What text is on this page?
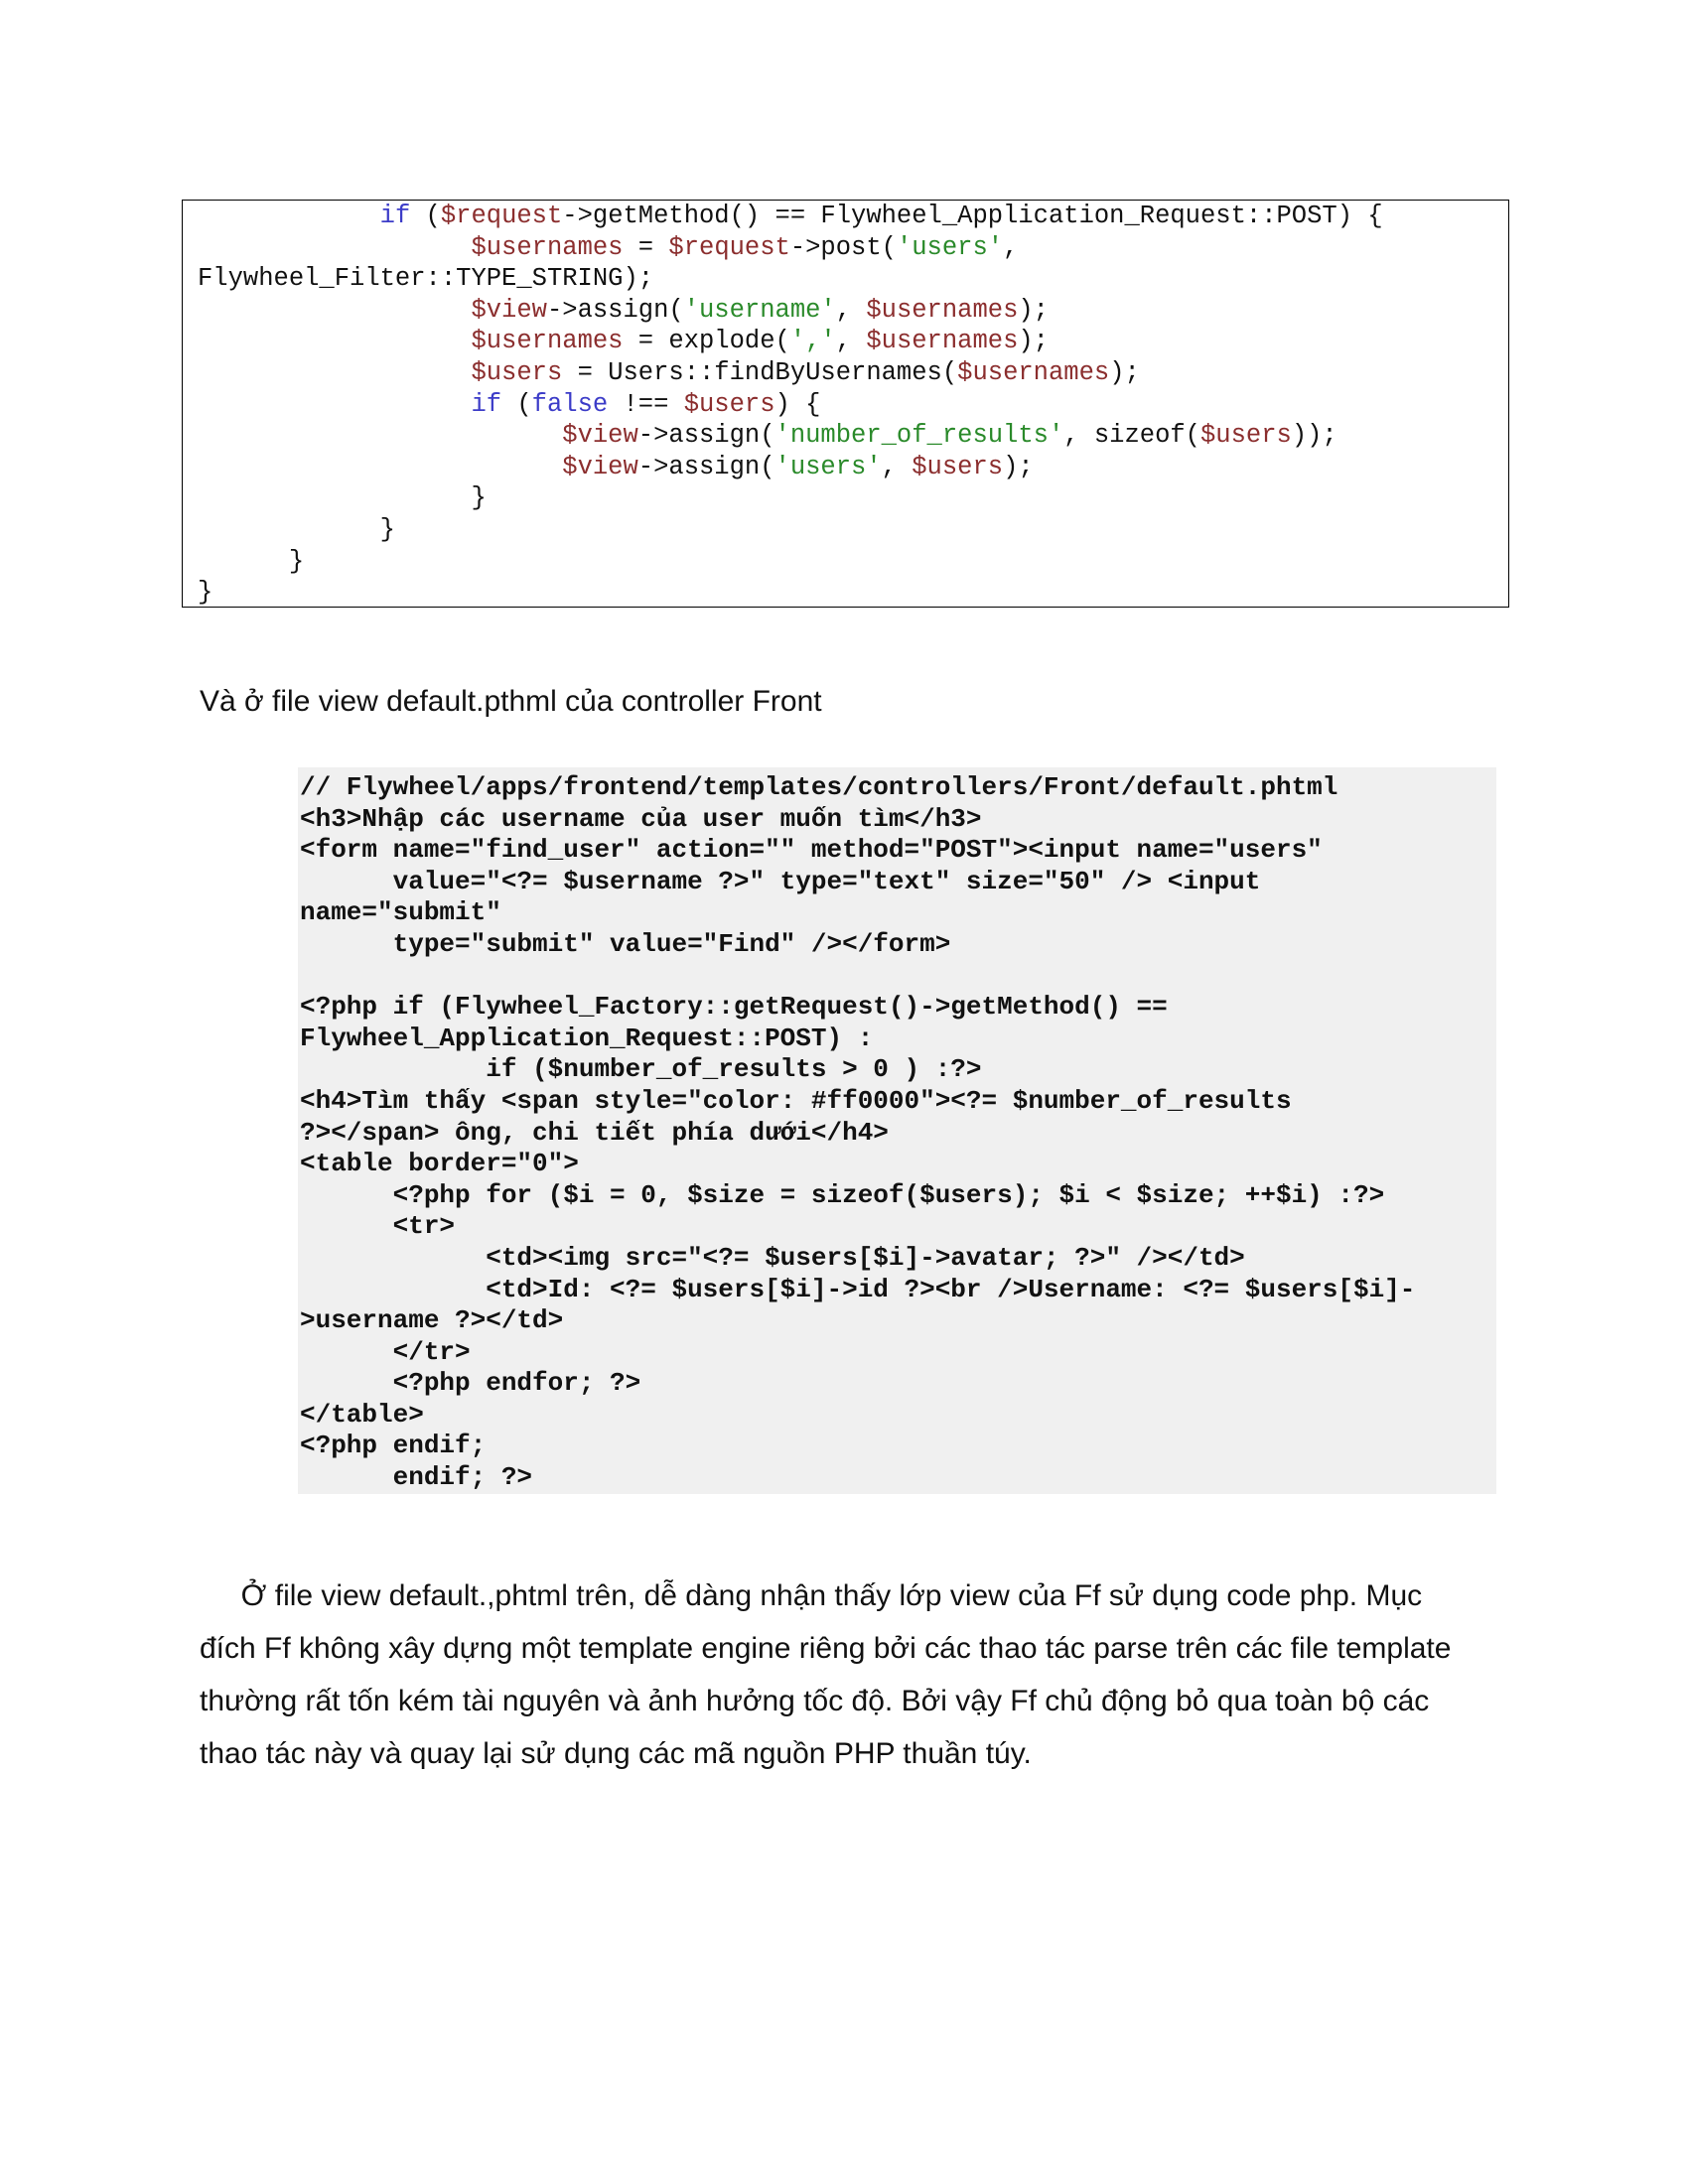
if ($request->getMethod() == Flywheel_Application_Request::POST) {
$usernames = $request->post('users',
Flywheel_Filter::TYPE_STRING);
$view->assign('username', $usernames);
$usernames = explode(',', $usernames);
$users = Users::findByUsernames($usernames);
if (false !== $users) {
$view->assign('number_of_results', sizeof($users));
$view->assign('users', $users);
}
}
}
}
Và ở file view default.pthml của controller Front
// Flywheel/apps/frontend/templates/controllers/Front/default.phtml
<h3>Nhập các username của user muốn tìm</h3>
<form name="find_user" action="" method="POST"><input name="users"
value="<?= $username ?>" type="text" size="50" /> <input
name="submit"
type="submit" value="Find" /></form>
<?php if (Flywheel_Factory::getRequest()->getMethod() ==
Flywheel_Application_Request::POST) :
if ($number_of_results > 0 ) :?>
<h4>Tìm thấy <span style="color: #ff0000"><?= $number_of_results
?></span> ông, chi tiết phía dưới</h4>
<table border="0">
<?php for ($i = 0, $size = sizeof($users); $i < $size; ++$i) :?>
<tr>
<td><img src="<?= $users[$i]->avatar; ?>" /></td>
<td>Id: <?= $users[$i]->id ?><br />Username: <?= $users[$i]-
>username ?></td>
</tr>
<?php endfor; ?>
</table>
<?php endif;
endif; ?>
Ở file view default.,phtml trên, dễ dàng nhận thấy lớp view của Ff sử dụng code php. Mục
đích Ff không xây dựng một template engine riêng bởi các thao tác parse trên các file template
thường rất tốn kém tài nguyên và ảnh hưởng tốc độ. Bởi vậy Ff chủ động bỏ qua toàn bộ các
thao tác này và quay lại sử dụng các mã nguồn PHP thuần túy.
